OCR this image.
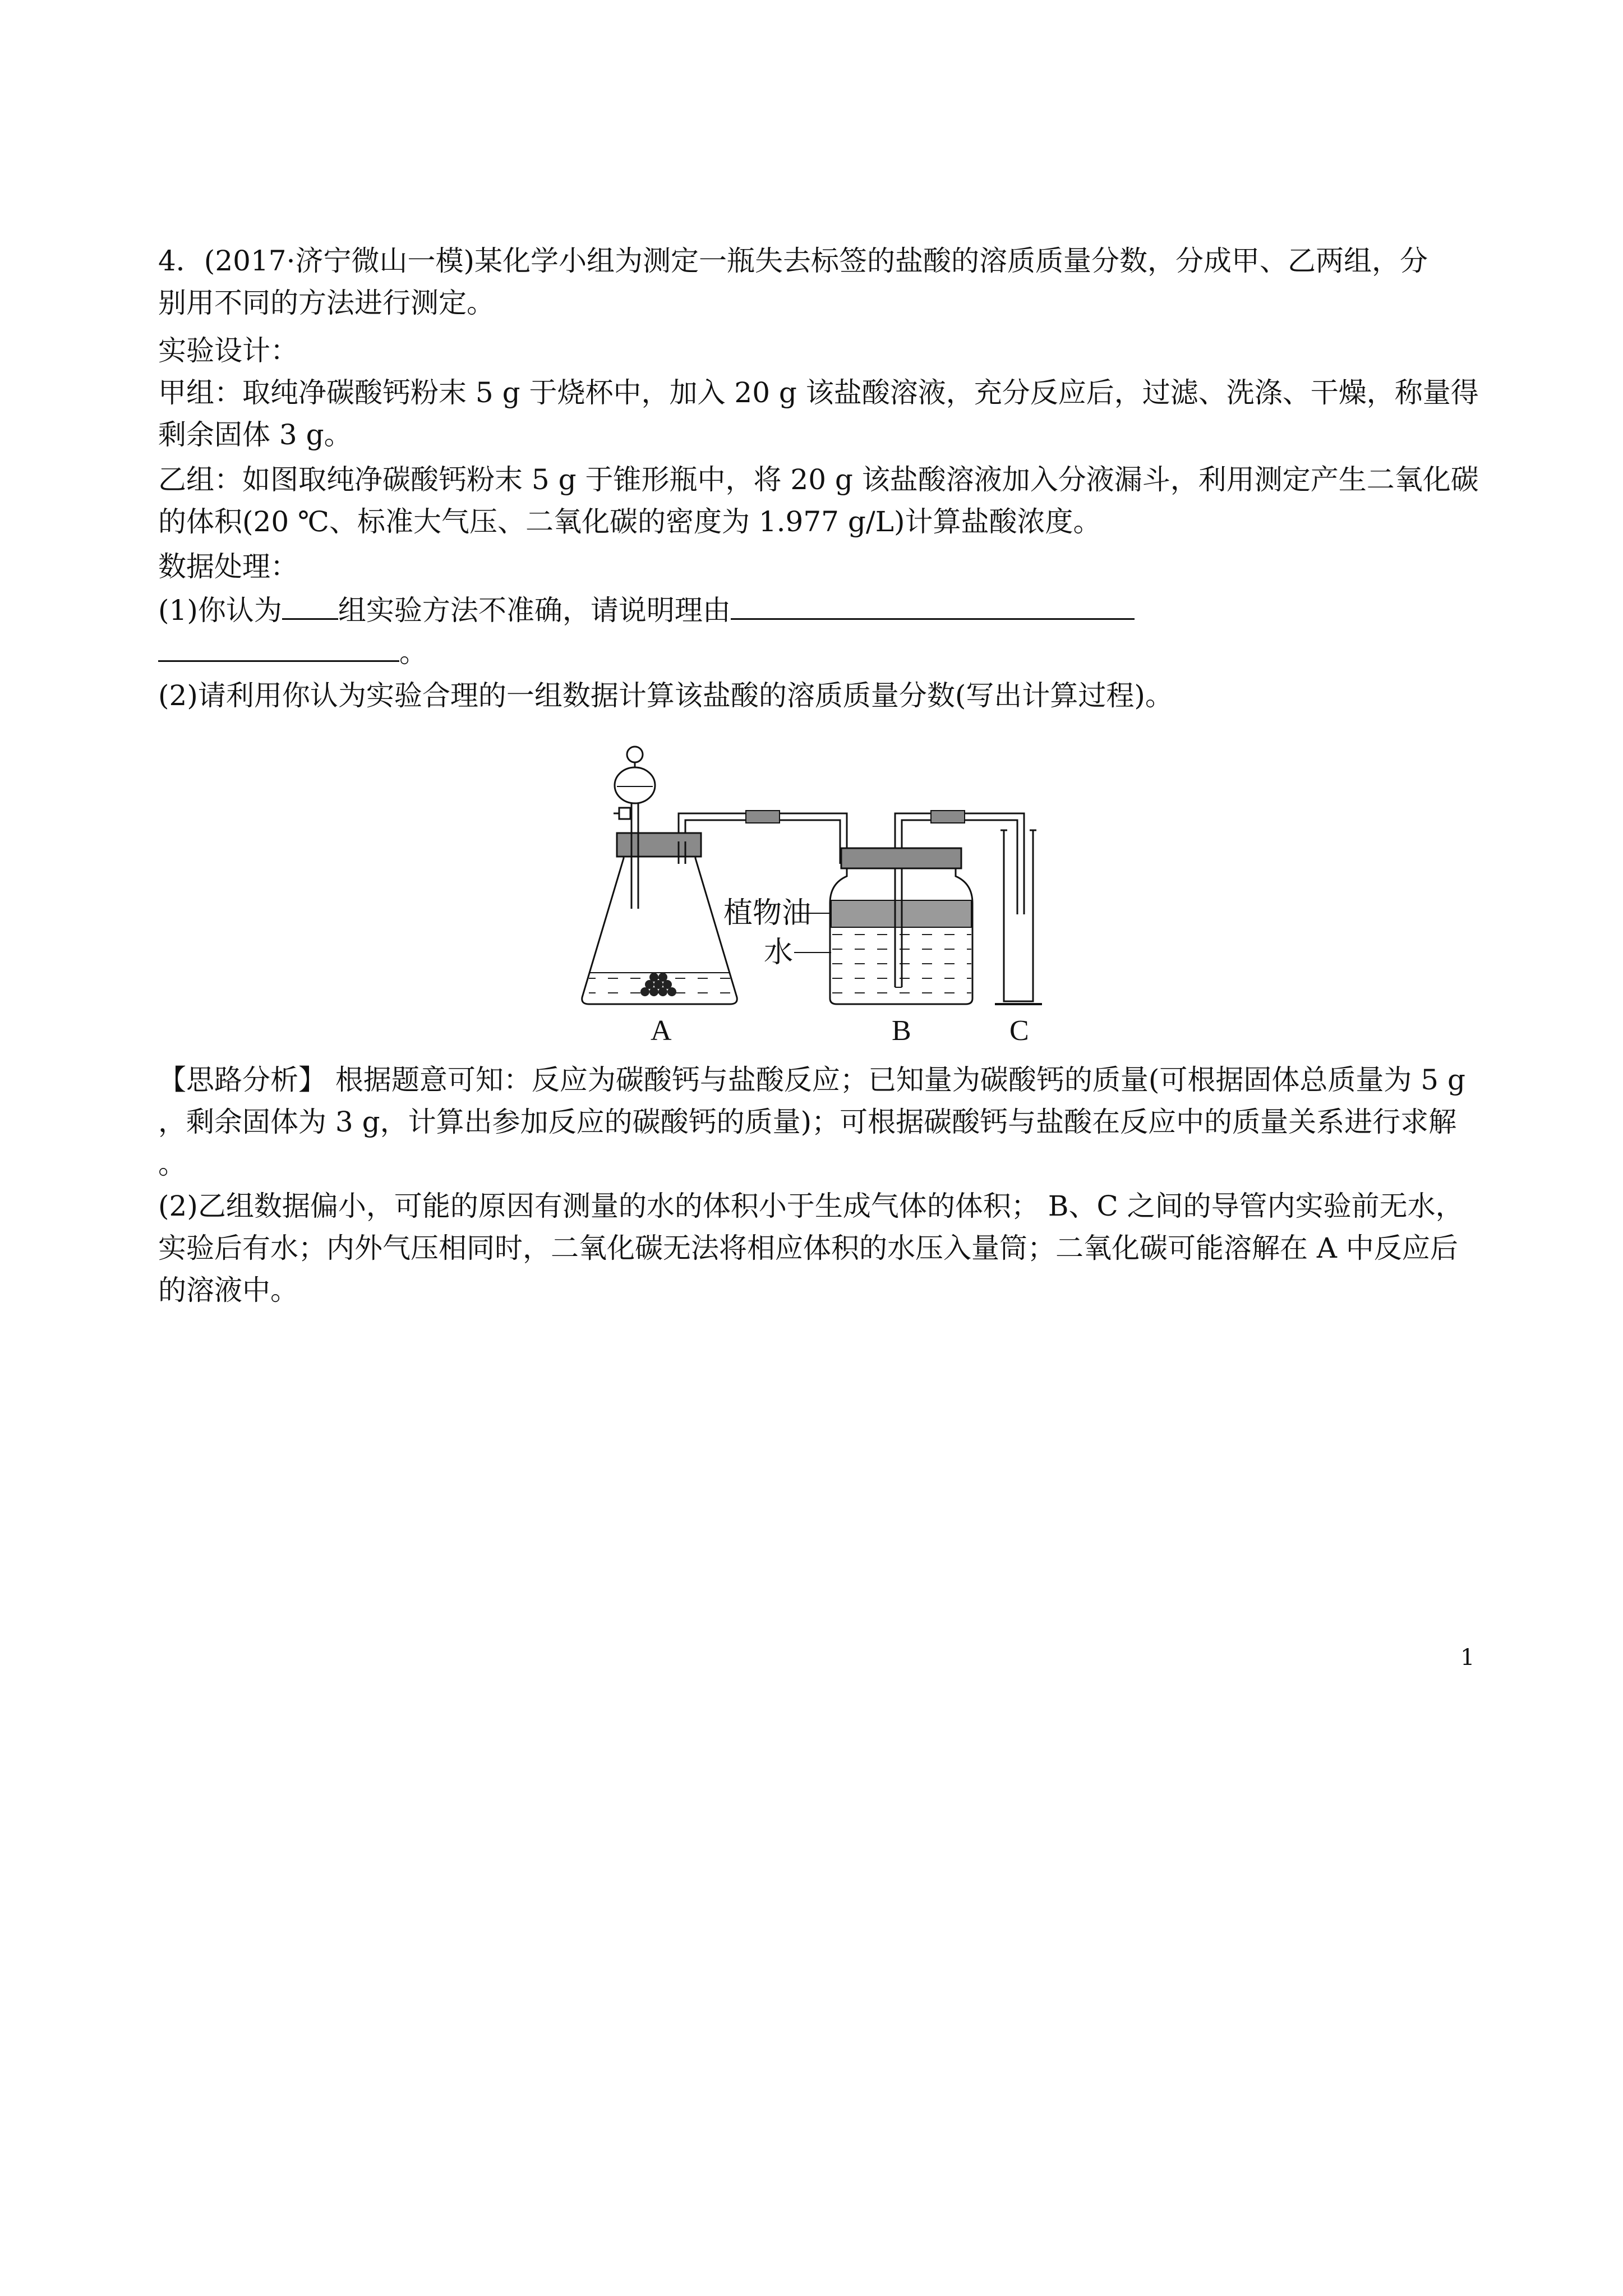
4．(2017·济宁微山一模)某化学小组为测定一瓶失去标签的盐酸的溶质质量分数，分成甲、乙两组，分
别用不同的方法进行测定。
实验设计：
甲组：取纯净碳酸钙粉末 5 g 于烧杯中，加入 20 g 该盐酸溶液，充分反应后，过滤、洗涤、干燥，称量得
剩余固体 3 g。
乙组：如图取纯净碳酸钙粉末 5 g 于锥形瓶中，将 20 g 该盐酸溶液加入分液漏斗，利用测定产生二氧化碳
的体积(20 ℃、标准大气压、二氧化碳的密度为 1.977 g/L)计算盐酸浓度。
数据处理：
(1)你认为 组实验方法不准确，请说明理由
。
(2)请利用你认为实验合理的一组数据计算该盐酸的溶质质量分数(写出计算过程)。
植物油
水
A	B	C
【思路分析】 根据题意可知：反应为碳酸钙与盐酸反应；已知量为碳酸钙的质量(可根据固体总质量为 5 g
，剩余固体为 3 g，计算出参加反应的碳酸钙的质量)；可根据碳酸钙与盐酸在反应中的质量关系进行求解
。
(2)乙组数据偏小，可能的原因有测量的水的体积小于生成气体的体积； B、C 之间的导管内实验前无水，
实验后有水；内外气压相同时，二氧化碳无法将相应体积的水压入量筒；二氧化碳可能溶解在 A 中反应后
的溶液中。
1
